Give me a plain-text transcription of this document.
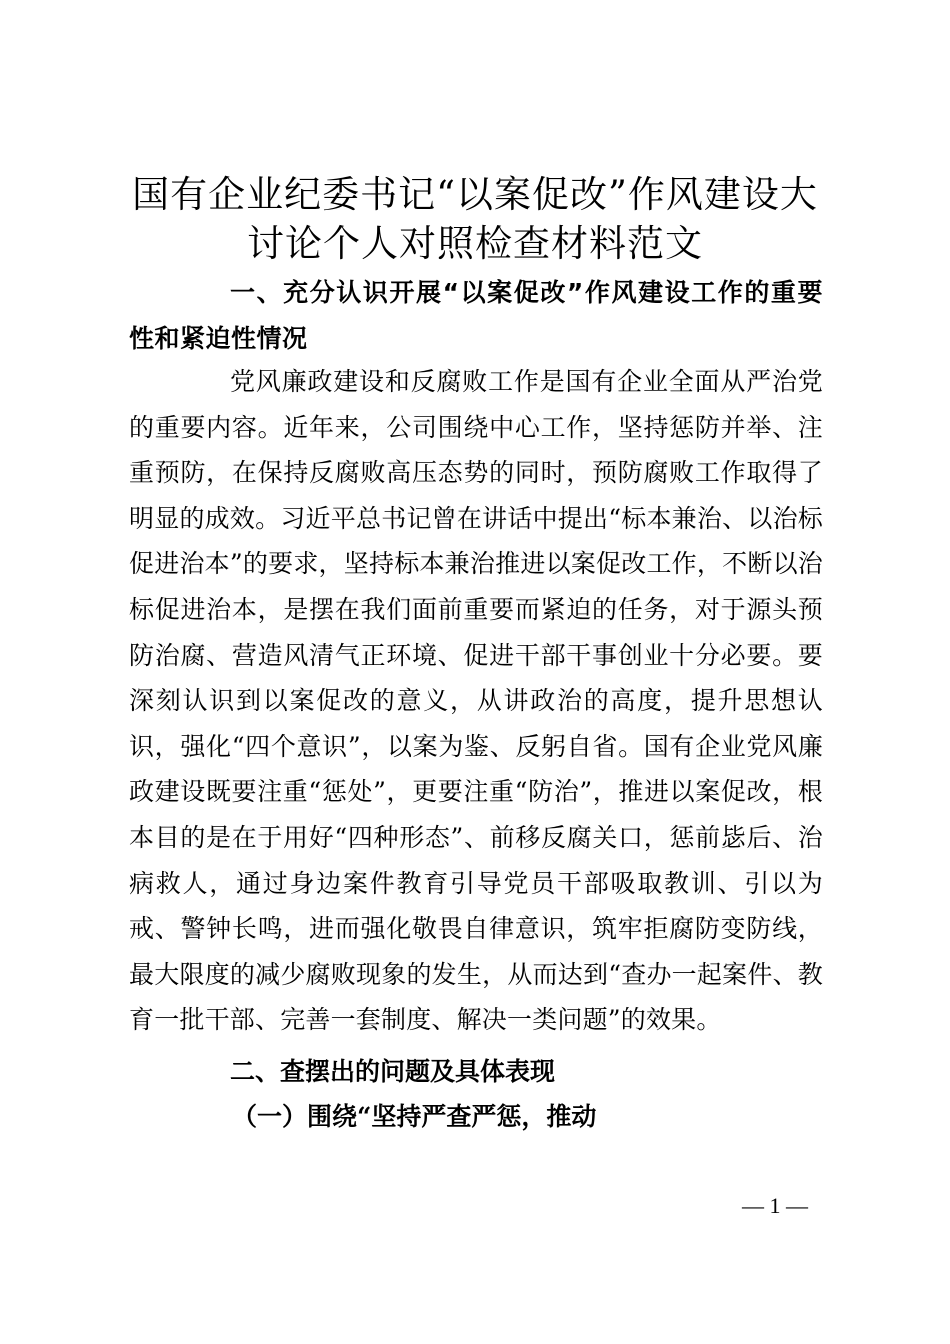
国有企业纪委书记“以案促改”作风建设大讨论个人对照检查材料范文

一、充分认识开展“以案促改”作风建设工作的重要性和紧迫性情况

党风廉政建设和反腐败工作是国有企业全面从严治党的重要内容。近年来，公司围绕中心工作，坚持惩防并举、注重预防，在保持反腐败高压态势的同时，预防腐败工作取得了明显的成效。习近平总书记曾在讲话中提出“标本兼治、以治标促进治本”的要求，坚持标本兼治推进以案促改工作，不断以治标促进治本，是摆在我们面前重要而紧迫的任务，对于源头预防治腐、营造风清气正环境、促进干部干事创业十分必要。要深刻认识到以案促改的意义，从讲政治的高度，提升思想认识，强化“四个意识”，以案为鉴、反躬自省。国有企业党风廉政建设既要注重“惩处”，更要注重“防治”，推进以案促改，根本目的是在于用好“四种形态”、前移反腐关口，惩前毖后、治病救人，通过身边案件教育引导党员干部吸取教训、引以为戒、警钟长鸣，进而强化敬畏自律意识，筑牢拒腐防变防线，最大限度的减少腐败现象的发生，从而达到“查办一起案件、教育一批干部、完善一套制度、解决一类问题”的效果。

二、查摆出的问题及具体表现

（一）围绕“坚持严查严惩，推动

— 1 —
